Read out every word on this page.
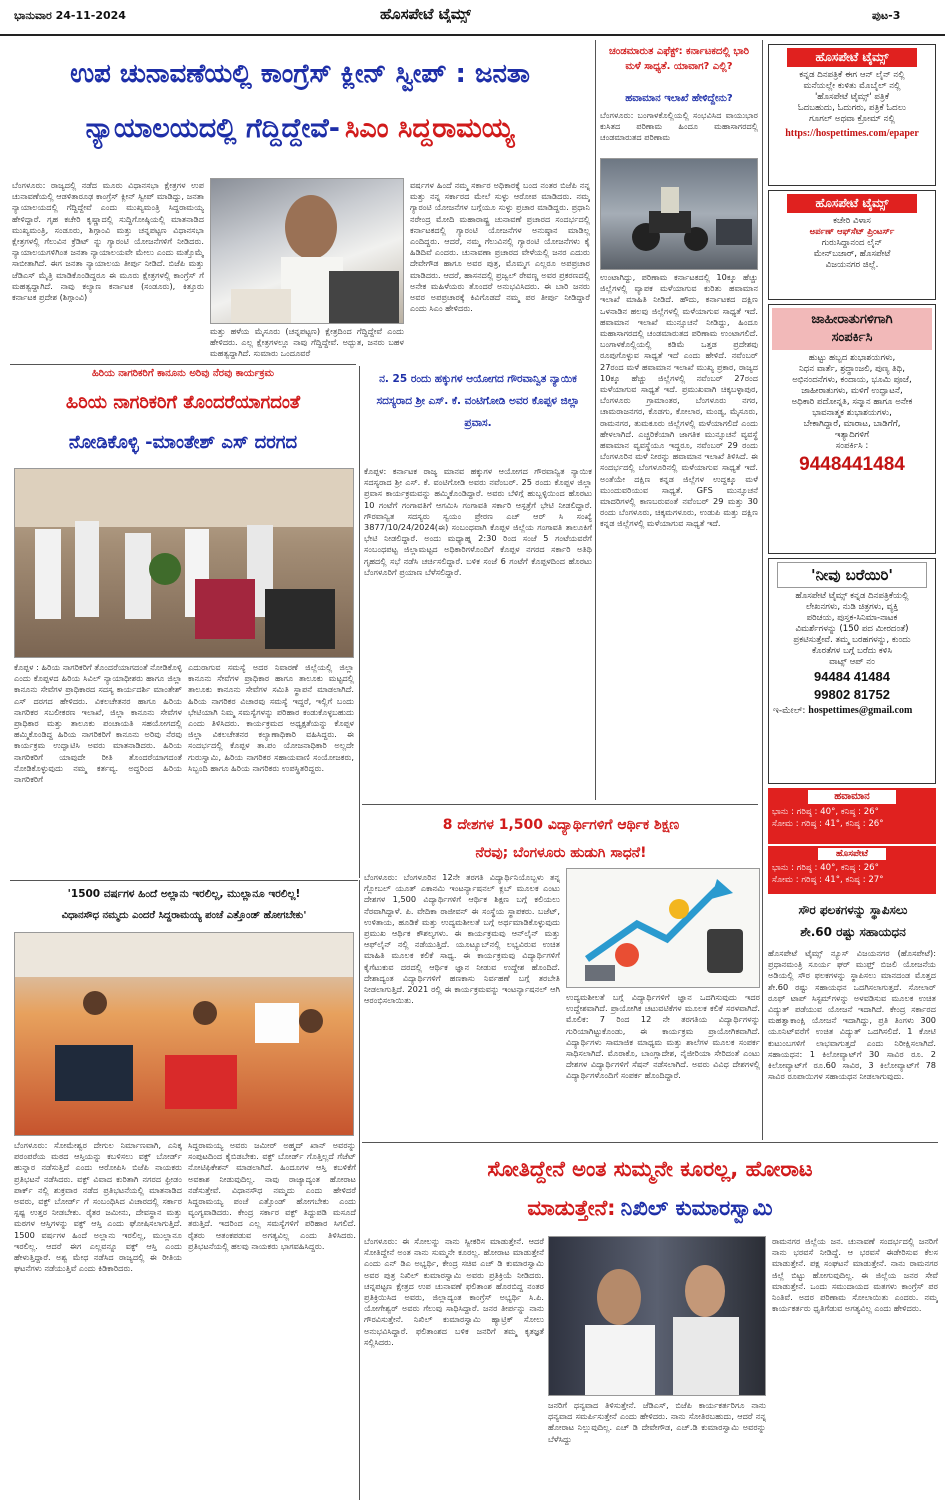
ಭಾನುವಾರ 24-11-2024	ಹೊಸಪೇಟೆ ಟೈಮ್ಸ್	ಪುಟ-3
ಉಪ ಚುನಾವಣೆಯಲ್ಲಿ ಕಾಂಗ್ರೆಸ್ ಕ್ಲೀನ್ ಸ್ವೀಪ್ : ಜನತಾ
ನ್ಯಾಯಾಲಯದಲ್ಲಿ ಗೆದ್ದಿದ್ದೇವೆ- ಸಿಎಂ ಸಿದ್ದರಾಮಯ್ಯ
ಬೆಂಗಳೂರು: ರಾಜ್ಯದಲ್ಲಿ ನಡೆದ ಮೂರು ವಿಧಾನಸಭಾ ಕ್ಷೇತ್ರಗಳ ಉಪ ಚುನಾವಣೆಯಲ್ಲಿ ಆಡಳಿತಾರೂಢ ಕಾಂಗ್ರೆಸ್ ಕ್ಲೀನ್ ಸ್ವೀಪ್ ಮಾಡಿದ್ದು, ಜನತಾ ನ್ಯಾಯಾಲಯದಲ್ಲಿ ಗೆದ್ದಿದ್ದೇವೆ ಎಂದು ಮುಖ್ಯಮಂತ್ರಿ ಸಿದ್ದರಾಮಯ್ಯ ಹೇಳಿದ್ದಾರೆ. ಗೃಹ ಕಚೇರಿ ಕೃಷ್ಣಾದಲ್ಲಿ ಸುದ್ದಿಗೋಷ್ಠಿಯಲ್ಲಿ ಮಾತನಾಡಿದ ಮುಖ್ಯಮಂತ್ರಿ, ಸಂಡೂರು, ಶಿಗ್ಗಾಂವಿ ಮತ್ತು ಚನ್ನಪಟ್ಟಣ ವಿಧಾನಸಭಾ ಕ್ಷೇತ್ರಗಳಲ್ಲಿ ಗೆಲುವಿನ ಕ್ರೆಡಿಟ್ ನ್ನು ಗ್ಯಾರಂಟಿ ಯೋಜನೆಗಳಿಗೆ ನೀಡಿದರು. ನ್ಯಾಯಾಲಯಗಳಿಗಿಂತ ಜನತಾ ನ್ಯಾಯಾಲಯವೇ ಮೇಲು ಎಂದು ಮತ್ತೊಮ್ಮೆ ಸಾಬೀತಾಗಿದೆ. ಈಗ ಜನತಾ ನ್ಯಾಯಾಲಯ ತೀರ್ಪು ನೀಡಿದೆ. ಬಿಜೆಪಿ ಮತ್ತು ಜೆಡಿಎಸ್ ಮೈತ್ರಿ ಮಾಡಿಕೊಂಡಿದ್ದರೂ ಈ ಮೂರು ಕ್ಷೇತ್ರಗಳಲ್ಲಿ ಕಾಂಗ್ರೆಸ್ ಗೆ ಮಹತ್ವದ್ದಾಗಿದೆ. ನಾವು ಕಲ್ಯಾಣ ಕರ್ನಾಟಕ (ಸಂಡೂರು), ಕಿತ್ತೂರು ಕರ್ನಾಟಕ ಪ್ರದೇಶ (ಶಿಗ್ಗಾಂವಿ)
ಮತ್ತು ಹಳೆಯ ಮೈಸೂರು (ಚನ್ನಪಟ್ಟಣ) ಕ್ಷೇತ್ರದಿಂದ ಗೆದ್ದಿದ್ದೇವೆ ಎಂದು ಹೇಳಿದರು. ಎಲ್ಲ ಕ್ಷೇತ್ರಗಳಲ್ಲೂ ನಾವು ಗೆದ್ದಿದ್ದೇವೆ. ಅದ್ಭುತ, ಜನರು ಬಹಳ ಮಹತ್ವದ್ದಾಗಿದೆ. ಸುಮಾರು ಒಂದೂವರೆ
ವರ್ಷಗಳ ಹಿಂದೆ ನಮ್ಮ ಸರ್ಕಾರ ಅಧಿಕಾರಕ್ಕೆ ಬಂದ ನಂತರ ಬಿಜೆಪಿ ನನ್ನ ಮತ್ತು ನನ್ನ ಸರ್ಕಾರದ ಮೇಲೆ ಸುಳ್ಳು ಆರೋಪ ಮಾಡಿದರು. ನಮ್ಮ ಗ್ಯಾರಂಟಿ ಯೋಜನೆಗಳ ಬಗ್ಗೆಯೂ ಸುಳ್ಳು ಪ್ರಚಾರ ಮಾಡಿದ್ದರು. ಪ್ರಧಾನಿ ನರೇಂದ್ರ ಮೋದಿ ಮಹಾರಾಷ್ಟ್ರ ಚುನಾವಣೆ ಪ್ರಚಾರದ ಸಂದರ್ಭದಲ್ಲಿ ಕರ್ನಾಟಕದಲ್ಲಿ ಗ್ಯಾರಂಟಿ ಯೋಜನೆಗಳ ಅನುಷ್ಠಾನ ಮಾಡಿಲ್ಲ ಎಂದಿದ್ದರು. ಆದರೆ, ನಮ್ಮ ಗೆಲುವಿನಲ್ಲಿ ಗ್ಯಾರಂಟಿ ಯೋಜನೆಗಳು ಕೈ ಹಿಡಿದಿವೆ ಎಂದರು. ಚುನಾವಣಾ ಪ್ರಚಾರದ ವೇಳೆಯಲ್ಲಿ ಜನರ ಎದುರು ದೇವೇಗೌಡ ಹಾಗೂ ಅವರ ಪುತ್ರ, ಮೊಮ್ಮಗ ಎಲ್ಲರೂ ಅಪಪ್ರಚಾರ ಮಾಡಿದರು. ಆದರೆ, ಹಾಸನದಲ್ಲಿ ಪ್ರಜ್ವಲ್ ರೇವಣ್ಣ ಅವರ ಪ್ರಕರಣದಲ್ಲಿ ಅನೇಕ ಮಹಿಳೆಯರು ತೊಂದರೆ ಅನುಭವಿಸಿದರು. ಈ ಬಾರಿ ಜನರು ಅವರ ಅಪಪ್ರಚಾರಕ್ಕೆ ಕಿವಿಗೊಡದೆ ನಮ್ಮ ಪರ ತೀರ್ಪು ನೀಡಿದ್ದಾರೆ ಎಂದು ಸಿಎಂ ಹೇಳಿದರು.
ಚಂಡಮಾರುತ ಎಫೆಕ್ಟ್: ಕರ್ನಾಟಕದಲ್ಲಿ ಭಾರಿ ಮಳೆ ಸಾಧ್ಯತೆ. ಯಾವಾಗ? ಎಲ್ಲಿ?
ಹವಾಮಾನ ಇಲಾಖೆ ಹೇಳಿದ್ದೇನು?
ಬೆಂಗಳೂರು: ಬಂಗಾಳಕೊಲ್ಲಿಯಲ್ಲಿ ಸಂಭವಿಸಿದ ವಾಯುಭಾರ ಕುಸಿತದ ಪರಿಣಾಮ ಹಿಂದೂ ಮಹಾಸಾಗರದಲ್ಲಿ ಚಂಡಮಾರುತದ ಪರಿಣಾಮ
ಉಂಟಾಗಿದ್ದು, ಪರಿಣಾಮ ಕರ್ನಾಟಕದಲ್ಲಿ 10ಕ್ಕೂ ಹೆಚ್ಚು ಜಿಲ್ಲೆಗಳಲ್ಲಿ ವ್ಯಾಪಕ ಮಳೆಯಾಗುವ ಕುರಿತು ಹವಾಮಾನ ಇಲಾಖೆ ಮಾಹಿತಿ ನೀಡಿದೆ. ಹೌದು, ಕರ್ನಾಟಕದ ದಕ್ಷಿಣ ಒಳನಾಡಿನ ಹಲವು ಜಿಲ್ಲೆಗಳಲ್ಲಿ ಮಳೆಯಾಗುವ ಸಾಧ್ಯತೆ ಇದೆ. ಹವಾಮಾನ ಇಲಾಖೆ ಮುನ್ಸೂಚನೆ ನೀಡಿದ್ದು, ಹಿಂದೂ ಮಹಾಸಾಗರದಲ್ಲಿ ಚಂಡಮಾರುತದ ಪರಿಣಾಮ ಉಂಟಾಗಲಿದೆ. ಬಂಗಾಳಕೊಲ್ಲಿಯಲ್ಲಿ ಕಡಿಮೆ ಒತ್ತಡ ಪ್ರದೇಶವು ರೂಪುಗೊಳ್ಳುವ ಸಾಧ್ಯತೆ ಇದೆ ಎಂದು ಹೇಳಿದೆ. ನವೆಂಬರ್ 27ರಂದ ಮಳೆ ಹವಾಮಾನ ಇಲಾಖೆ ಮುಖ್ಯ ಪ್ರಕಾರ, ರಾಜ್ಯದ 10ಕ್ಕೂ ಹೆಚ್ಚು ಜಿಲ್ಲೆಗಳಲ್ಲಿ ನವೆಂಬರ್ 27ರಂದ ಮಳೆಯಾಗುವ ಸಾಧ್ಯತೆ ಇದೆ. ಪ್ರಮುಖವಾಗಿ ಚಿಕ್ಕಬಳ್ಳಾಪುರ, ಬೆಂಗಳೂರು ಗ್ರಾಮಾಂತರ, ಬೆಂಗಳೂರು ನಗರ, ಚಾಮರಾಜನಗರ, ಕೊಡಗು, ಕೋಲಾರ, ಮಂಡ್ಯ, ಮೈಸೂರು, ರಾಮನಗರ, ತುಮಕೂರು ಜಿಲ್ಲೆಗಳಲ್ಲಿ ಮಳೆಯಾಗಲಿದೆ ಎಂದು ಹೇಳಲಾಗಿದೆ. ಎಚ್ಚರಿಕೆಯಾಗಿ ಜಾಗತಿಕ ಮುನ್ಸೂಚನೆ ವ್ಯವಸ್ಥೆ ಹವಾಮಾನ ವ್ಯವಸ್ಥೆಯೂ ಇದ್ದರೂ, ನವೆಂಬರ್ 29 ರಂದು ಬೆಂಗಳೂರಿನ ಮಳೆ ನೀರನ್ನು ಹವಾಮಾನ ಇಲಾಖೆ ತಿಳಿಸಿದೆ. ಈ ಸಂದರ್ಭದಲ್ಲಿ ಬೆಂಗಳೂರಿನಲ್ಲಿ ಮಳೆಯಾಗುವ ಸಾಧ್ಯತೆ ಇದೆ. ಅಂತೆಯೇ ದಕ್ಷಿಣ ಕನ್ನಡ ಜಿಲ್ಲೆಗಳ ಉದ್ದಕ್ಕೂ ಮಳೆ ಮುಂದುವರಿಯುವ ಸಾಧ್ಯತೆ. GFS ಮುನ್ಸೂಚನೆ ಮಾದರಿಗಳಲ್ಲಿ ಕಾಣಬರುವಂತೆ ನವೆಂಬರ್ 29 ಮತ್ತು 30 ರಂದು ಬೆಂಗಳೂರು, ಚಿಕ್ಕಮಗಳೂರು, ಉಡುಪಿ ಮತ್ತು ದಕ್ಷಿಣ ಕನ್ನಡ ಜಿಲ್ಲೆಗಳಲ್ಲಿ ಮಳೆಯಾಗುವ ಸಾಧ್ಯತೆ ಇದೆ.
ಹಿರಿಯ ನಾಗರಿಕರಿಗೆ ಕಾನೂನು ಅರಿವು ನೆರವು ಕಾರ್ಯಕ್ರಮ
ಹಿರಿಯ ನಾಗರಿಕರಿಗೆ ತೊಂದರೆಯಾಗದಂತೆ
ನೋಡಿಕೊಳ್ಳಿ -ಮಾಂತೇಶ್ ಎಸ್ ದರಗದ
ಕೊಪ್ಪಳ : ಹಿರಿಯ ನಾಗರಿಕರಿಗೆ ತೊಂದರೆಯಾಗದಂತೆ ನೋಡಿಕೊಳ್ಳಿ ಎಂದು ಕೊಪ್ಪಳದ ಹಿರಿಯ ಸಿವಿಲ್ ನ್ಯಾಯಾಧೀಶರು ಹಾಗೂ ಜಿಲ್ಲಾ ಕಾನೂನು ಸೇವೆಗಳ ಪ್ರಾಧಿಕಾರದ ಸದಸ್ಯ ಕಾರ್ಯದರ್ಶಿ ಮಾಂತೇಶ್ ಎಸ್ ದರಗದ ಹೇಳಿದರು. ವಿಕಲಚೇತನರ ಹಾಗೂ ಹಿರಿಯ ನಾಗರಿಕರ ಸಬಲೀಕರಣ ಇಲಾಖೆ, ಜಿಲ್ಲಾ ಕಾನೂನು ಸೇವೆಗಳ ಪ್ರಾಧಿಕಾರ ಮತ್ತು ತಾಲೂಕು ಪಂಚಾಯತಿ ಸಹಯೋಗದಲ್ಲಿ ಹಮ್ಮಿಕೊಂಡಿದ್ದ ಹಿರಿಯ ನಾಗರಿಕರಿಗೆ ಕಾನೂನು ಅರಿವು ನೆರವು ಕಾರ್ಯಕ್ರಮ ಉದ್ಘಾಟಿಸಿ ಅವರು ಮಾತನಾಡಿದರು. ಹಿರಿಯ ನಾಗರಿಕರಿಗೆ ಯಾವುದೇ ರೀತಿ ತೊಂದರೆಯಾಗದಂತೆ ನೋಡಿಕೊಳ್ಳುವುದು ನಮ್ಮ ಕರ್ತವ್ಯ. ಅದ್ದರಿಂದ ಹಿರಿಯ ನಾಗರಿಕರಿಗೆ
ಎದುರಾಗುವ ಸಮಸ್ಯೆ ಅದರ ನಿವಾರಣೆ ಜಿಲ್ಲೆಯಲ್ಲಿ ಜಿಲ್ಲಾ ಕಾನೂನು ಸೇವೆಗಳ ಪ್ರಾಧಿಕಾರ ಹಾಗೂ ತಾಲೂಕು ಮಟ್ಟದಲ್ಲಿ ತಾಲೂಕು ಕಾನೂನು ಸೇವೆಗಳ ಸಮಿತಿ ಸ್ಥಾಪನೆ ಮಾಡಲಾಗಿದೆ. ಹಿರಿಯ ನಾಗರಿಕರ ವಿಚಾರವು ಸಮಸ್ಯೆ ಇದ್ದರೆ, ಇಲ್ಲಿಗೆ ಬಂದು ಭೇಟಿಯಾಗಿ ನಿಮ್ಮ ಸಮಸ್ಯೆಗಳನ್ನು ಪರಿಹಾರ ಕಂಡುಕೊಳ್ಳಬಹುದು ಎಂದು ತಿಳಿಸಿದರು. ಕಾರ್ಯಕ್ರಮದ ಅಧ್ಯಕ್ಷತೆಯನ್ನು ಕೊಪ್ಪಳ ಜಿಲ್ಲಾ ವಿಕಲಚೇತನರ ಕಲ್ಯಾಣಾಧಿಕಾರಿ ವಹಿಸಿದ್ದರು. ಈ ಸಂದರ್ಭದಲ್ಲಿ ಕೊಪ್ಪಳ ತಾ.ಪಂ ಯೋಜನಾಧಿಕಾರಿ ಅಲ್ಲದೇ ಗುರುಸ್ವಾಮಿ, ಹಿರಿಯ ನಾಗರಿಕರ ಸಹಾಯವಾಣಿ ಸಂಯೋಜಕರು, ಸಿಬ್ಬಂದಿ ಹಾಗೂ ಹಿರಿಯ ನಾಗರಿಕರು ಉಪಸ್ಥಿತರಿದ್ದರು.
ನ. 25 ರಂದು ಹಕ್ಕುಗಳ ಆಯೋಗದ ಗೌರವಾನ್ವಿತ ನ್ಯಾಯಿಕ ಸದಸ್ಯರಾದ ಶ್ರೀ ಎಸ್. ಕೆ. ವಂಟಿಗೋಡಿ ಅವರ ಕೊಪ್ಪಳ ಜಿಲ್ಲಾ ಪ್ರವಾಸ.
ಕೊಪ್ಪಳ: ಕರ್ನಾಟಕ ರಾಜ್ಯ ಮಾನವ ಹಕ್ಕುಗಳ ಆಯೋಗದ ಗೌರವಾನ್ವಿತ ನ್ಯಾಯಿಕ ಸದಸ್ಯರಾದ ಶ್ರೀ ಎಸ್. ಕೆ. ವಂಟಿಗೋಡಿ ಅವರು ನವೆಂಬರ್. 25 ರಂದು ಕೊಪ್ಪಳ ಜಿಲ್ಲಾ ಪ್ರವಾಸ ಕಾರ್ಯಕ್ರಮವನ್ನು ಹಮ್ಮಿಕೊಂಡಿದ್ದಾರೆ. ಅವರು ಬೆಳಿಗ್ಗೆ ಹುಬ್ಬಳ್ಳಿಯಿಂದ ಹೊರಟು 10 ಗಂಟೆಗೆ ಗಂಗಾವತಿಗೆ ಆಗಮಿಸಿ ಗಂಗಾವತಿ ಸರ್ಕಾರಿ ಆಸ್ಪತ್ರೆಗೆ ಭೇಟಿ ನೀಡಲಿದ್ದಾರೆ. ಗೌರವಾನ್ವಿತ ಸದಸ್ಯರು ಸ್ವಯಂ ಪ್ರೇರಣ ಎಚ್ ಆರ್ ಸಿ ಸಂಖ್ಯೆ 3877/10/24/2024(ಈ) ಸಂಬಂಧವಾಗಿ ಕೊಪ್ಪಳ ಜಿಲ್ಲೆಯ ಗಂಗಾವತಿ ತಾಲೂಕಿಗೆ ಭೇಟಿ ನೀಡಲಿದ್ದಾರೆ. ಅಂದು ಮಧ್ಯಾಹ್ನ 2:30 ರಿಂದ ಸಂಜೆ 5 ಗಂಟೆಯವರೆಗೆ ಸಂಬಂಧಪಟ್ಟ ಜಿಲ್ಲಾಮಟ್ಟದ ಅಧಿಕಾರಿಗಳೊಂದಿಗೆ ಕೊಪ್ಪಳ ನಗರದ ಸರ್ಕಾರಿ ಅತಿಥಿ ಗೃಹದಲ್ಲಿ ಸಭೆ ನಡೆಸಿ ಚರ್ಚಿಸಲಿದ್ದಾರೆ. ಬಳಿಕ ಸಂಜೆ 6 ಗಂಟೆಗೆ ಕೊಪ್ಪಳದಿಂದ ಹೊರಟು ಬೆಂಗಳೂರಿಗೆ ಪ್ರಯಾಣ ಬೆಳೆಸಲಿದ್ದಾರೆ.
8 ದೇಶಗಳ 1,500 ವಿದ್ಯಾರ್ಥಿಗಳಿಗೆ ಆರ್ಥಿಕ ಶಿಕ್ಷಣ
ನೆರವು; ಬೆಂಗಳೂರು ಹುಡುಗಿ ಸಾಧನೆ!
ಬೆಂಗಳೂರು: ಬೆಂಗಳೂರಿನ 12ನೇ ತರಗತಿ ವಿದ್ಯಾರ್ಥಿನಿಯೊಬ್ಬಳು ತನ್ನ ಗ್ಲೋಬಲ್ ಯೂತ್ ಎಕಾನಮಿ ಇಂಟರ್ನ್ಯಾಷನಲ್ ಕ್ಲಬ್ ಮೂಲಕ ಎಂಟು ದೇಶಗಳ 1,500 ವಿದ್ಯಾರ್ಥಿಗಳಿಗೆ ಆರ್ಥಿಕ ಶಿಕ್ಷಣ ಬಗ್ಗೆ ಕಲಿಯಲು ನೆರವಾಗಿದ್ದಾಳೆ. ಪಿ. ವೇದಿಕಾ ರಾಜೀವನ್ ಈ ಸಂಸ್ಥೆಯ ಸ್ಥಾಪಕರು. ಬಜೆಟ್, ಉಳಿತಾಯ, ಹೂಡಿಕೆ ಮತ್ತು ಉದ್ಯಮಶೀಲತೆ ಬಗ್ಗೆ ಅರ್ಥಮಾಡಿಕೊಳ್ಳುವುದು ಪ್ರಮುಖ ಆರ್ಥಿಕ ಕೌಶಲ್ಯಗಳು. ಈ ಕಾರ್ಯಕ್ರಮವು ಆನ್‌ಲೈನ್ ಮತ್ತು ಆಫ್‌ಲೈನ್ ನಲ್ಲಿ ನಡೆಯುತ್ತಿದೆ. ಯೂಟ್ಯೂಬ್‌ನಲ್ಲಿ ಲಭ್ಯವಿರುವ ಉಚಿತ ಮಾಹಿತಿ ಮೂಲಕ ಕಲಿಕೆ ಸಾಧ್ಯ. ಈ ಕಾರ್ಯಕ್ರಮವು ವಿದ್ಯಾರ್ಥಿಗಳಿಗೆ ಕೈಗೆಟುಕುವ ದರದಲ್ಲಿ ಆರ್ಥಿಕ ಜ್ಞಾನ ನೀಡುವ ಉದ್ದೇಶ ಹೊಂದಿದೆ. ದೇಶಾದ್ಯಂತ ವಿದ್ಯಾರ್ಥಿಗಳಿಗೆ ಹಣಕಾಸು ನಿರ್ವಹಣೆ ಬಗ್ಗೆ ತರಬೇತಿ ನೀಡಲಾಗುತ್ತಿದೆ. 2021 ರಲ್ಲಿ ಈ ಕಾರ್ಯಕ್ರಮವನ್ನು ಇಂಟರ್ನ್ಯಾಷನಲ್ ಆಗಿ ಆರಂಭಿಸಲಾಯಿತು.	ಉದ್ಯಮಶೀಲತೆ ಬಗ್ಗೆ ವಿದ್ಯಾರ್ಥಿಗಳಿಗೆ ಜ್ಞಾನ ಒದಗಿಸುವುದು ಇದರ ಉದ್ದೇಶವಾಗಿದೆ. ಪ್ರಾಯೋಗಿಕ ಚಟುವಟಿಕೆಗಳ ಮೂಲಕ ಕಲಿಕೆ ಸರಳವಾಗಿದೆ. ಮೊಲಿಕ: 7 ರಿಂದ 12 ನೇ ತರಗತಿಯ ವಿದ್ಯಾರ್ಥಿಗಳನ್ನು ಗುರಿಯಾಗಿಟ್ಟುಕೊಂಡು, ಈ ಕಾರ್ಯಕ್ರಮ ಪ್ರಾಯೋಗಿಕವಾಗಿದೆ. ವಿದ್ಯಾರ್ಥಿಗಳು ಸಾಮಾಜಿಕ ಮಾಧ್ಯಮ ಮತ್ತು ಶಾಲೆಗಳ ಮೂಲಕ ಸಂಪರ್ಕ ಸಾಧಿಸಲಾಗಿದೆ. ಮೊರಾಕೊ, ಬಾಂಗ್ಲಾದೇಶ, ನೈಜೀರಿಯಾ ಸೇರಿದಂತೆ ಎಂಟು ದೇಶಗಳ ವಿದ್ಯಾರ್ಥಿಗಳಿಗೆ ಸೆಷನ್ ನಡೆಸಲಾಗಿದೆ. ಅವರು ವಿವಿಧ ದೇಶಗಳಲ್ಲಿ ವಿದ್ಯಾರ್ಥಿಗಳೊಂದಿಗೆ ಸಂಪರ್ಕ ಹೊಂದಿದ್ದಾರೆ.
'1500 ವರ್ಷಗಳ ಹಿಂದೆ ಅಲ್ಲಾನು ಇರಲಿಲ್ಲ, ಮುಲ್ಲಾನೂ ಇರಲಿಲ್ಲ!
ವಿಧಾನಸೌಧ ನಮ್ಮದು ಎಂದರೆ ಸಿದ್ದರಾಮಯ್ಯ ಪಂಚೆ ಎತ್ತೊಂಡ್ ಹೋಗಬೇಕು'
ಬೆಂಗಳೂರು: ಸೋಮೇಶ್ವರ ದೇಗುಲ ನಿರ್ಮಾಣವಾಗಿ, ಎನಿಕ್ಕ ಪರಂಪರೆಯ ಮಠದ ಆಸ್ತಿಯನ್ನು ಕಬಳಿಸಲು ವಕ್ಫ್ ಬೋರ್ಡ್ ಹುನ್ನಾರ ನಡೆಸುತ್ತಿದೆ ಎಂದು ಆರೋಪಿಸಿ ಬಿಜೆಪಿ ನಾಯಕರು ಪ್ರತಿಭಟನೆ ನಡೆಸಿದರು. ವಕ್ಫ್ ವಿವಾದ ಕುರಿತಾಗಿ ನಗರದ ಫ್ರೀಡಂ ಪಾರ್ಕ್ ನಲ್ಲಿ ಶುಕ್ರವಾರ ನಡೆದ ಪ್ರತಿಭಟನೆಯಲ್ಲಿ ಮಾತನಾಡಿದ ಅವರು, ವಕ್ಫ್ ಬೋರ್ಡ್ ಗೆ ಸಂಬಂಧಿಸಿದ ವಿಚಾರದಲ್ಲಿ ಸರ್ಕಾರ ಸ್ಪಷ್ಟ ಉತ್ತರ ನೀಡಬೇಕು. ರೈತರ ಜಮೀನು, ದೇವಸ್ಥಾನ ಮತ್ತು ಮಠಗಳ ಆಸ್ತಿಗಳನ್ನು ವಕ್ಫ್ ಆಸ್ತಿ ಎಂದು ಘೋಷಿಸಲಾಗುತ್ತಿದೆ. 1500 ವರ್ಷಗಳ ಹಿಂದೆ ಅಲ್ಲಾನು ಇರಲಿಲ್ಲ, ಮುಲ್ಲಾನೂ ಇರಲಿಲ್ಲ. ಆದರೆ ಈಗ ಎಲ್ಲವನ್ನೂ ವಕ್ಫ್ ಆಸ್ತಿ ಎಂದು ಹೇಳುತ್ತಿದ್ದಾರೆ. ಅಶ್ವ ಮೇಧ ನಡೆಸಿದ ರಾಜ್ಯದಲ್ಲಿ ಈ ರೀತಿಯ ಘಟನೆಗಳು ನಡೆಯುತ್ತಿವೆ ಎಂದು ಕಿಡಿಕಾರಿದರು.
ಸಿದ್ದರಾಮಯ್ಯ ಅವರು ಜಮೀರ್ ಅಹ್ಮದ್ ಖಾನ್ ಅವರನ್ನು ಸಂಪುಟದಿಂದ ಕೈಬಿಡಬೇಕು. ವಕ್ಫ್ ಬೋರ್ಡ್ ಗೊತ್ತಿಲ್ಲದೆ ಗೆಜೆಟ್ ನೋಟಿಫಿಕೇಶನ್ ಮಾಡಲಾಗಿದೆ. ಹಿಂದೂಗಳ ಆಸ್ತಿ ಕಬಳಿಕೆಗೆ ಅವಕಾಶ ನೀಡುವುದಿಲ್ಲ. ನಾವು ರಾಜ್ಯಾದ್ಯಂತ ಹೋರಾಟ ನಡೆಸುತ್ತೇವೆ. ವಿಧಾನಸೌಧ ನಮ್ಮದು ಎಂದು ಹೇಳಿದರೆ ಸಿದ್ದರಾಮಯ್ಯ ಪಂಚೆ ಎತ್ತೊಂಡ್ ಹೋಗಬೇಕು ಎಂದು ವ್ಯಂಗ್ಯವಾಡಿದರು. ಕೇಂದ್ರ ಸರ್ಕಾರ ವಕ್ಫ್ ತಿದ್ದುಪಡಿ ಮಸೂದೆ ತರುತ್ತಿದೆ. ಇದರಿಂದ ಎಲ್ಲ ಸಮಸ್ಯೆಗಳಿಗೆ ಪರಿಹಾರ ಸಿಗಲಿದೆ. ರೈತರು ಆತಂಕಪಡುವ ಅಗತ್ಯವಿಲ್ಲ ಎಂದು ತಿಳಿಸಿದರು. ಪ್ರತಿಭಟನೆಯಲ್ಲಿ ಹಲವು ನಾಯಕರು ಭಾಗವಹಿಸಿದ್ದರು.
ಸೋತಿದ್ದೇನೆ ಅಂತ ಸುಮ್ಮನೇ ಕೂರಲ್ಲ, ಹೋರಾಟ
ಮಾಡುತ್ತೇನೆ: ನಿಖಿಲ್ ಕುಮಾರಸ್ವಾಮಿ
ಬೆಂಗಳೂರು: ಈ ಸೋಲನ್ನು ನಾನು ಸ್ವೀಕರಿಸ ಮಾಡುತ್ತೇನೆ. ಆದರೆ ಸೋತಿದ್ದೇನೆ ಅಂತ ನಾನು ಸುಮ್ಮನೇ ಕೂರಲ್ಲ. ಹೋರಾಟ ಮಾಡುತ್ತೇನೆ ಎಂದು ಎನ್ ಡಿಎ ಅಭ್ಯರ್ಥಿ, ಕೇಂದ್ರ ಸಚಿವ ಎಚ್ ಡಿ ಕುಮಾರಸ್ವಾಮಿ ಅವರ ಪುತ್ರ ನಿಖಿಲ್ ಕುಮಾರಸ್ವಾಮಿ ಅವರು ಪ್ರತಿಕ್ರಿಯೆ ನೀಡಿದರು. ಚನ್ನಪಟ್ಟಣ ಕ್ಷೇತ್ರದ ಉಪ ಚುನಾವಣೆ ಫಲಿತಾಂಶ ಹೊರಬಿದ್ದ ನಂತರ ಪ್ರತಿಕ್ರಿಯಿಸಿದ ಅವರು, ಜಿಲ್ಲಾದ್ಯಂತ ಕಾಂಗ್ರೆಸ್ ಅಭ್ಯರ್ಥಿ ಸಿ.ಪಿ. ಯೋಗೇಶ್ವರ್ ಅವರು ಗೆಲುವು ಸಾಧಿಸಿದ್ದಾರೆ. ಜನರ ತೀರ್ಪನ್ನು ನಾನು ಗೌರವಿಸುತ್ತೇನೆ. ನಿಖಿಲ್ ಕುಮಾರಸ್ವಾಮಿ ಹ್ಯಾಟ್ರಿಕ್ ಸೋಲು ಅನುಭವಿಸಿದ್ದಾರೆ. ಫಲಿತಾಂಶದ ಬಳಿಕ ಜನರಿಗೆ ತಮ್ಮ ಕೃತಜ್ಞತೆ ಸಲ್ಲಿಸಿದರು.
ಜನರಿಗೆ ಧನ್ಯವಾದ ತಿಳಿಸುತ್ತೇನೆ. ಜೆಡಿಎಸ್, ಬಿಜೆಪಿ ಕಾರ್ಯಕರ್ತರಿಗೂ ನಾನು ಧನ್ಯವಾದ ಸಮರ್ಪಿಸುತ್ತೇನೆ ಎಂದು ಹೇಳಿದರು. ನಾನು ಸೋತಿರಬಹುದು, ಆದರೆ ನನ್ನ ಹೋರಾಟ ನಿಲ್ಲುವುದಿಲ್ಲ. ಎಚ್ ಡಿ ದೇವೇಗೌಡ, ಎಚ್.ಡಿ ಕುಮಾರಸ್ವಾಮಿ ಅವರನ್ನು ಬೆಳೆಸಿದ್ದು
ರಾಮನಗರ ಜಿಲ್ಲೆಯ ಜನ. ಚುನಾವಣೆ ಸಂದರ್ಭದಲ್ಲಿ ಜನರಿಗೆ ನಾನು ಭರವಸೆ ನೀಡಿದ್ದೆ. ಆ ಭರವಸೆ ಈಡೇರಿಸುವ ಕೆಲಸ ಮಾಡುತ್ತೇನೆ. ಪಕ್ಷ ಸಂಘಟನೆ ಮಾಡುತ್ತೇನೆ. ನಾನು ರಾಮನಗರ ಜಿಲ್ಲೆ ಬಿಟ್ಟು ಹೋಗುವುದಿಲ್ಲ. ಈ ಜಿಲ್ಲೆಯ ಜನರ ಸೇವೆ ಮಾಡುತ್ತೇನೆ. ಒಂದು ಸಮುದಾಯದ ಮತಗಳು ಕಾಂಗ್ರೆಸ್ ಪರ ನಿಂತಿವೆ. ಅದರ ಪರಿಣಾಮ ಸೋಲಾಯಿತು ಎಂದರು. ನಮ್ಮ ಕಾರ್ಯಕರ್ತರು ಧೃತಿಗೆಡುವ ಅಗತ್ಯವಿಲ್ಲ ಎಂದು ಹೇಳಿದರು.
ಹೊಸಪೇಟೆ ಟೈಮ್ಸ್
ಕನ್ನಡ ದಿನಪತ್ರಿಕೆ ಈಗ ಆನ್ ಲೈನ್ ನಲ್ಲಿ
ಮನೆಯಲ್ಲೇ ಕುಳಿತು ಮೊಬೈಲ್ ನಲ್ಲಿ
'ಹೊಸಪೇಟೆ ಟೈಮ್ಸ್' ಪತ್ರಿಕೆ
ಓದಬಹುದು, ಓದುಗರು, ಪತ್ರಿಕೆ ಓದಲು
ಗೂಗಲ್ ಅಥವಾ ಕ್ರೋಮ್ ನಲ್ಲಿ
https://hospettimes.com/epaper
ಹೊಸಪೇಟೆ ಟೈಮ್ಸ್
ಕಚೇರಿ ವಿಳಾಸ
ಅರ್ಪಣ್ ಆಫ್‌ಸೆಟ್ ಪ್ರಿಂಟರ್ಸ್
ಗುರುಸಿದ್ದಾನಂದ ಲೈನ್
ಮೇನ್‌ಬಜಾರ್, ಹೊಸಪೇಟೆ
ವಿಜಯನಗರ ಜಿಲ್ಲೆ.
ಜಾಹೀರಾತುಗಳಿಗಾಗಿ
ಸಂಪರ್ಕಿಸಿ
ಹುಟ್ಟು ಹಬ್ಬದ ಶುಭಾಶಯಗಳು,
ನಿಧನ ವಾರ್ತೆ, ಶ್ರದ್ಧಾಂಜಲಿ, ಪುಣ್ಯ ತಿಥಿ,
ಅಭಿನಂದನೆಗಳು, ಕಂದಾಯ, ಭೂಮಿ ಪೂಜೆ,
ಜಾಹೀರಾತುಗಳು, ಮಳಿಗೆ ಉದ್ಘಾಟನೆ,
ಅಧಿಕಾರಿ ಪದೋನ್ನತಿ, ಸನ್ಮಾನ ಹಾಗೂ ಅನೇಕ
ಭಾವನಾತ್ಮಕ ಶುಭಾಶಯಗಳು,
ಬೇಕಾಗಿದ್ದಾರೆ, ಮಾರಾಟ, ಬಾಡಿಗೆಗೆ,
ಇತ್ಯಾದಿಗಳಿಗೆ
ಸಂಪರ್ಕಿಸಿ :
9448441484
'ನೀವು ಬರೆಯಿರಿ'
ಹೊಸಪೇಟೆ ಟೈಮ್ಸ್ ಕನ್ನಡ ದಿನಪತ್ರಿಕೆಯಲ್ಲಿ
ಲೇಖನಗಳು, ನುಡಿ ಚಿತ್ರಗಳು, ವ್ಯಕ್ತಿ
ಪರಿಚಯ, ಪುಸ್ತಕ-ಸಿನಿಮಾ-ನಾಟಕ
ವಿಮರ್ಶೆಗಳನ್ನು (150 ಪದ ಮೀರದಂತೆ)
ಪ್ರಕಟಿಸುತ್ತೇವೆ. ತಮ್ಮ ಬರಹಗಳನ್ನು, ಕುಂದು
ಕೊರತೆಗಳ ಬಗ್ಗೆ ಬರೆದು ಕಳಿಸಿ
ವಾಟ್ಸ್ ಆಪ್ ನಂ
94484 41484
99802 81752
ಇ-ಮೇಲ್: hospettimes@gmail.com
ಹವಾಮಾನ
ಭಾನು : ಗರಿಷ್ಠ : 40°, ಕನಿಷ್ಠ : 26°
ಸೋಮ : ಗರಿಷ್ಠ : 41°, ಕನಿಷ್ಠ : 26°
ಹೊಸಪೇಟೆ
ಭಾನು : ಗರಿಷ್ಠ : 40°, ಕನಿಷ್ಠ : 26°
ಸೋಮ : ಗರಿಷ್ಠ : 41°, ಕನಿಷ್ಠ : 27°
ಸೌರ ಫಲಕಗಳನ್ನು ಸ್ಥಾಪಿಸಲು
ಶೇ.60 ರಷ್ಟು ಸಹಾಯಧನ
ಹೊಸಪೇಟೆ ಟೈಮ್ಸ್ ನ್ಯೂಸ್ ವಿಜಯನಗರ (ಹೊಸಪೇಟೆ): ಪ್ರಧಾನಮಂತ್ರಿ ಸೂರ್ಯ ಘರ್ ಮುಫ್ತ್ ಬಿಜಲಿ ಯೋಜನೆಯ ಅಡಿಯಲ್ಲಿ ಸೌರ ಫಲಕಗಳನ್ನು ಸ್ಥಾಪಿಸಲು ಮಾನದಂಡ ಮೊತ್ತದ ಶೇ.60 ರಷ್ಟು ಸಹಾಯಧನ ಒದಗಿಸಲಾಗುತ್ತದೆ. ಸೋಲಾರ್ ರೂಫ್ ಟಾಪ್ ಸಿಸ್ಟಮ್‌ಗಳನ್ನು ಅಳವಡಿಸುವ ಮೂಲಕ ಉಚಿತ ವಿದ್ಯುತ್ ಪಡೆಯುವ ಯೋಜನೆ ಇದಾಗಿದೆ. ಕೇಂದ್ರ ಸರ್ಕಾರದ ಮಹತ್ವಾಕಾಂಕ್ಷಿ ಯೋಜನೆ ಇದಾಗಿದ್ದು, ಪ್ರತಿ ತಿಂಗಳು 300 ಯೂನಿಟ್‌ವರೆಗೆ ಉಚಿತ ವಿದ್ಯುತ್ ಒದಗಿಸಲಿದೆ. 1 ಕೋಟಿ ಕುಟುಂಬಗಳಿಗೆ ಲಾಭವಾಗುತ್ತದೆ ಎಂದು ನಿರೀಕ್ಷಿಸಲಾಗಿದೆ. ಸಹಾಯಧನ: 1 ಕಿಲೋವ್ಯಾಟ್‌ಗೆ 30 ಸಾವಿರ ರೂ. 2 ಕಿಲೋವ್ಯಾಟ್‌ಗೆ ರೂ.60 ಸಾವಿರ, 3 ಕಿಲೋವ್ಯಾಟ್‌ಗೆ 78 ಸಾವಿರ ರೂಪಾಯಿಗಳ ಸಹಾಯಧನ ನೀಡಲಾಗುವುದು.
